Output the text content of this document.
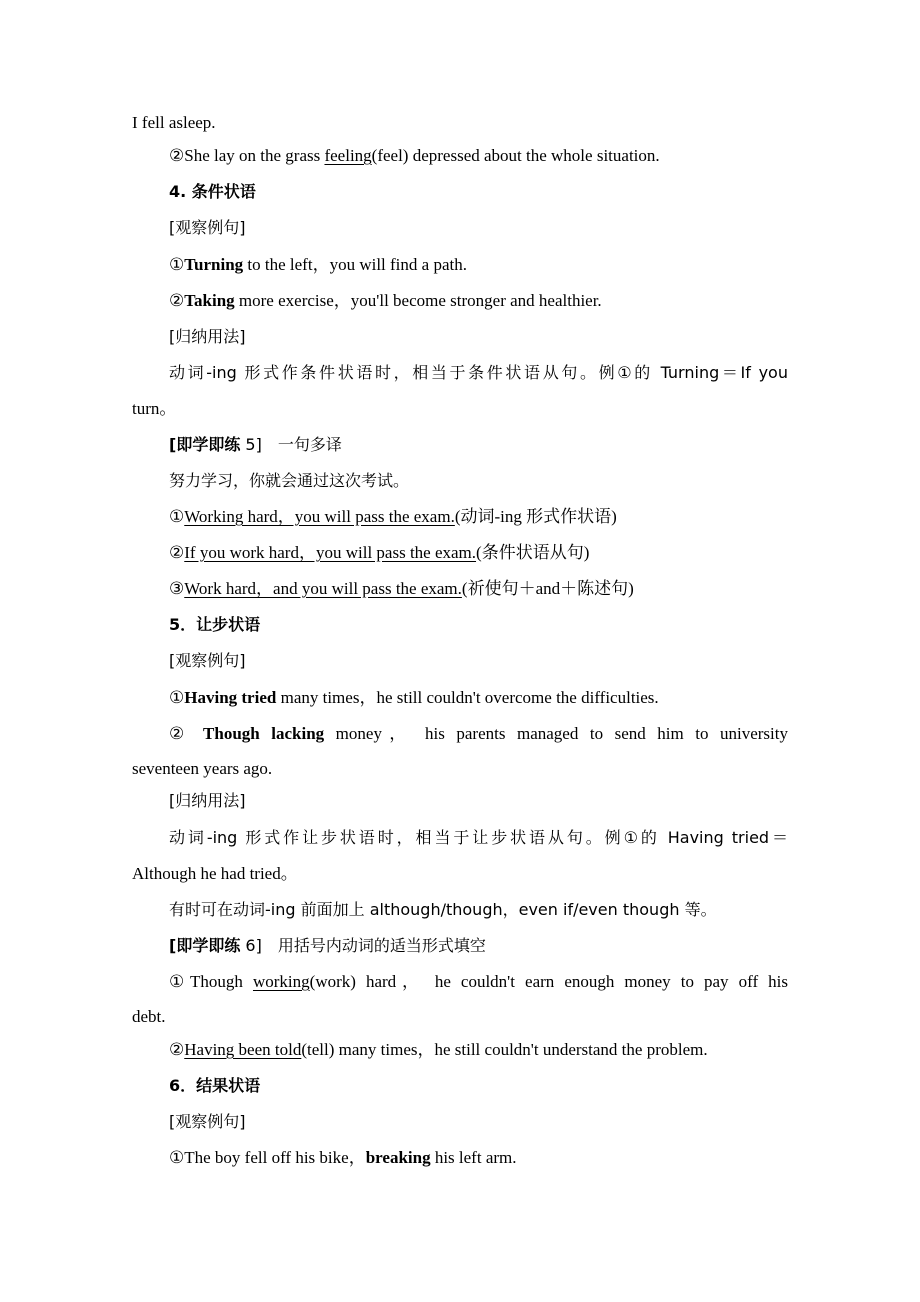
I fell asleep.
②She lay on the grass feeling(feel) depressed about the whole situation.
4. 条件状语
[观察例句]
①Turning to the left，you will find a path.
②Taking more exercise，you'll become stronger and healthier.
[归纳用法]
动词-ing 形式作条件状语时，相当于条件状语从句。例①的 Turning＝If you
turn。
[即学即练 5]　一句多译
努力学习，你就会通过这次考试。
①Working hard，you will pass the exam.(动词-ing 形式作状语)
②If you work hard，you will pass the exam.(条件状语从句)
③Work hard，and you will pass the exam.(祈使句＋and＋陈述句)
5．让步状语
[观察例句]
①Having tried many times，he still couldn't overcome the difficulties.
② Though lacking money， his parents managed to send him to university
seventeen years ago.
[归纳用法]
动词-ing 形式作让步状语时，相当于让步状语从句。例①的 Having tried＝
Although he had tried。
有时可在动词-ing 前面加上 although/though，even if/even though 等。
[即学即练 6]　用括号内动词的适当形式填空
①Though working(work) hard， he couldn't earn enough money to pay off his
debt.
②Having been told(tell) many times，he still couldn't understand the problem.
6．结果状语
[观察例句]
①The boy fell off his bike，breaking his left arm.
